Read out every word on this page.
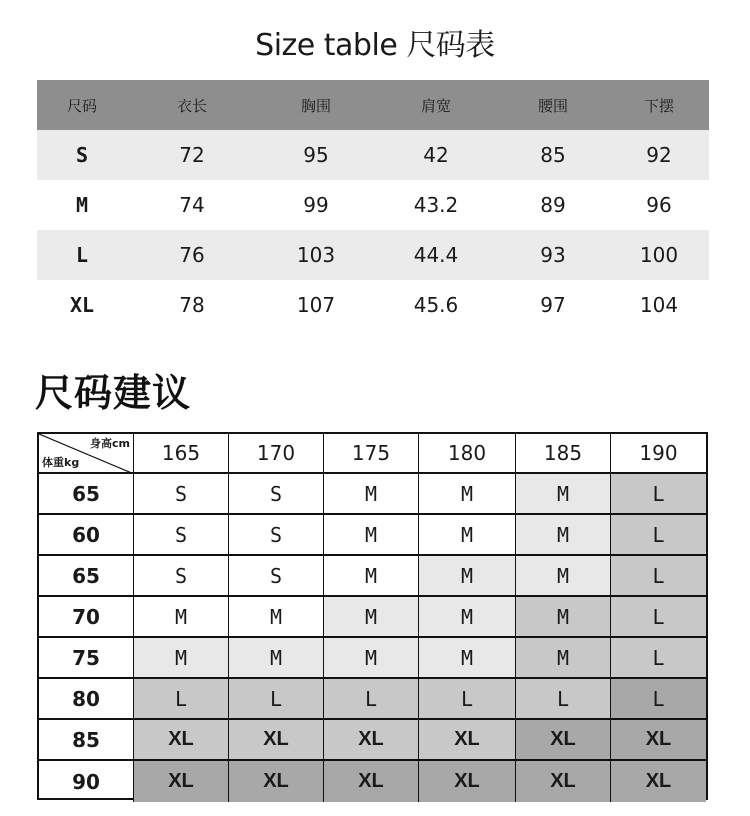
Size table 尺码表
尺码	衣长	胸围	肩宽	腰围	下摆
S	72	95	42	85	92
M	74	99	43.2	89	96
L	76	103	44.4	93	100
XL	78	107	45.6	97	104
尺码建议
身高cm
体重kg	165	170	175	180	185	190
65	S	S	M	M	M	L
60	S	S	M	M	M	L
65	S	S	M	M	M	L
70	M	M	M	M	M	L
75	M	M	M	M	M	L
80	L	L	L	L	L	L
85	XL	XL	XL	XL	XL	XL
90	XL	XL	XL	XL	XL	XL
